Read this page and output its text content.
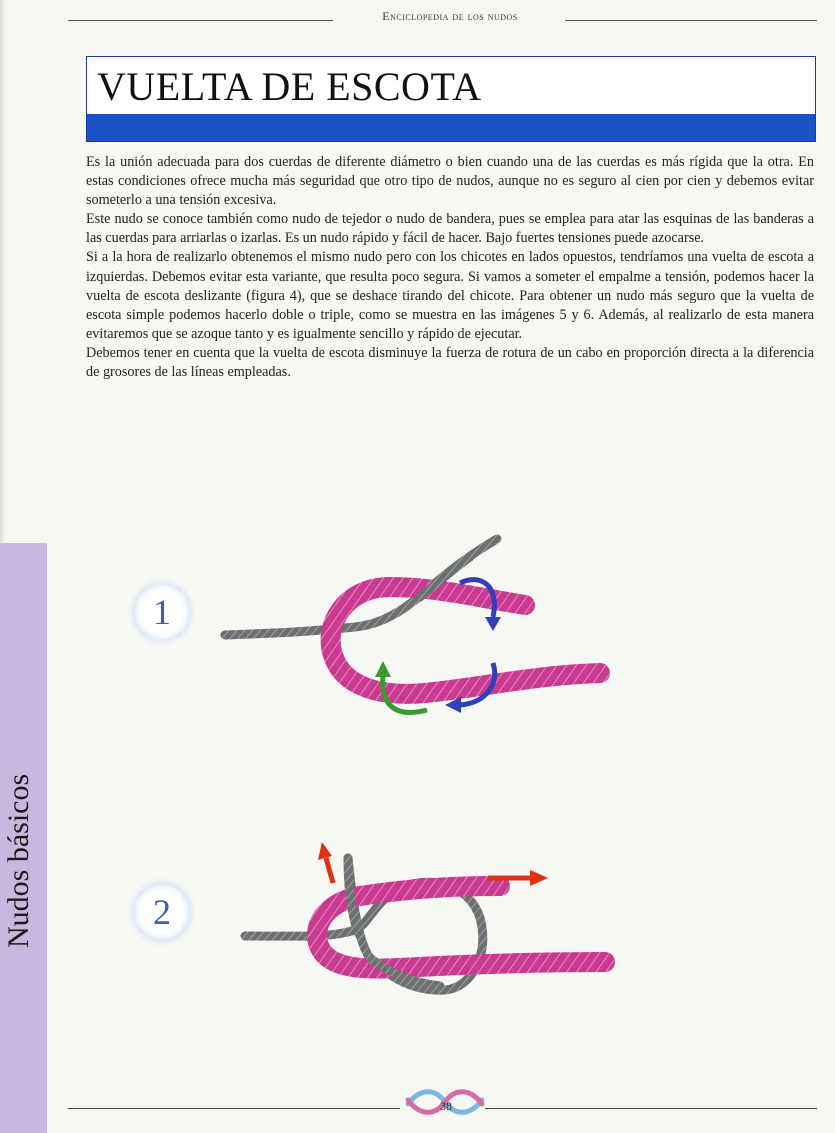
Enciclopedia de los nudos
VUELTA DE ESCOTA

Es la unión adecuada para dos cuerdas de diferente diámetro o bien cuando una de las cuerdas es más rígida que la otra. En estas condiciones ofrece mucha más seguridad que otro tipo de nudos, aunque no es seguro al cien por cien y debemos evitar someterlo a una tensión excesiva.

Este nudo se conoce también como nudo de tejedor o nudo de bandera, pues se emplea para atar las esquinas de las banderas a las cuerdas para arriarlas o izarlas. Es un nudo rápido y fácil de hacer. Bajo fuertes tensiones puede azocarse.

Si a la hora de realizarlo obtenemos el mismo nudo pero con los chicotes en lados opuestos, tendríamos una vuelta de escota a izquierdas. Debemos evitar esta variante, que resulta poco segura. Si vamos a someter el empalme a tensión, podemos hacer la vuelta de escota deslizante (figura 4), que se deshace tirando del chicote. Para obtener un nudo más seguro que la vuelta de escota simple podemos hacerlo doble o triple, como se muestra en las imágenes 5 y 6. Además, al realizarlo de esta manera evitaremos que se azoque tanto y es igualmente sencillo y rápido de ejecutar.

Debemos tener en cuenta que la vuelta de escota disminuye la fuerza de rotura de un cabo en proporción directa a la diferencia de grosores de las líneas empleadas.

Nudos básicos
1
2
38
